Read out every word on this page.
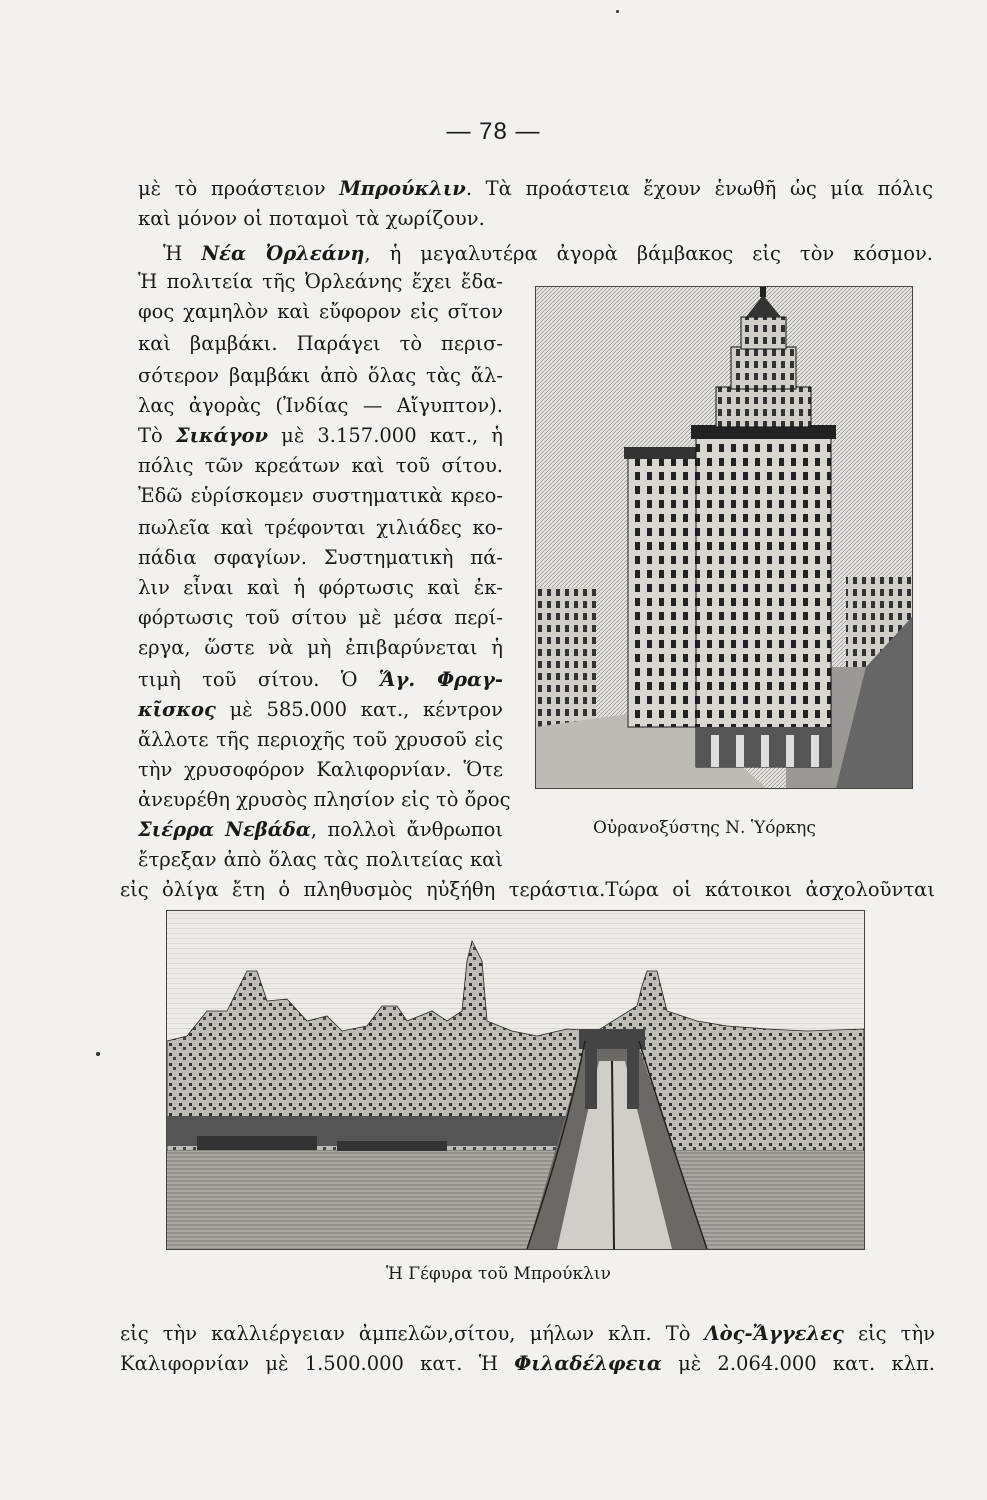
— 78 —
μὲ τὸ προάστειον Μπρούκλιν. Τὰ προάστεια ἔχουν ἑνωθῆ ὡς μία πόλις
καὶ μόνον οἱ ποταμοὶ τὰ χωρίζουν.
Ἡ Νέα Ὀρλεάνη, ἡ μεγαλυτέρα ἀγορὰ βάμβακος εἰς τὸν κόσμον.
Ἡ πολιτεία τῆς Ὀρλεάνης ἔχει ἔδα-
φος χαμηλὸν καὶ εὔφορον εἰς σῖτον
καὶ βαμβάκι. Παράγει τὸ περισ-
σότερον βαμβάκι ἀπὸ ὅλας τὰς ἄλ-
λας ἀγορὰς (Ἰνδίας — Αἴγυπτον).
Τὸ Σικάγον μὲ 3.157.000 κατ., ἡ
πόλις τῶν κρεάτων καὶ τοῦ σίτου.
Ἐδῶ εὑρίσκομεν συστηματικὰ κρεο-
πωλεῖα καὶ τρέφονται χιλιάδες κο-
πάδια σφαγίων. Συστηματικὴ πά-
λιν εἶναι καὶ ἡ φόρτωσις καὶ ἐκ-
φόρτωσις τοῦ σίτου μὲ μέσα περί-
εργα, ὥστε νὰ μὴ ἐπιβαρύνεται ἡ
τιμὴ τοῦ σίτου. Ὁ Ἅγ. Φραγ-
κῖσκος μὲ 585.000 κατ., κέντρον
ἄλλοτε τῆς περιοχῆς τοῦ χρυσοῦ εἰς
τὴν χρυσοφόρον Καλιφορνίαν. Ὅτε
ἀνευρέθη χρυσὸς πλησίον εἰς τὸ ὄρος
Σιέρρα Νεβάδα, πολλοὶ ἄνθρωποι
ἔτρεξαν ἀπὸ ὅλας τὰς πολιτείας καὶ
εἰς ὀλίγα ἔτη ὁ πληθυσμὸς ηὐξήθη τεράστια.Τώρα οἱ κάτοικοι ἀσχολοῦνται
εἰς τὴν καλλιέργειαν ἀμπελῶν,σίτου, μήλων κλπ. Τὸ Λὸς-Ἄγγελες εἰς τὴν
Καλιφορνίαν μὲ 1.500.000 κατ. Ἡ Φιλαδέλφεια μὲ 2.064.000 κατ. κλπ.
Οὐρανοξύστης Ν. Ὑόρκης
Ἡ Γέφυρα τοῦ Μπρούκλιν
